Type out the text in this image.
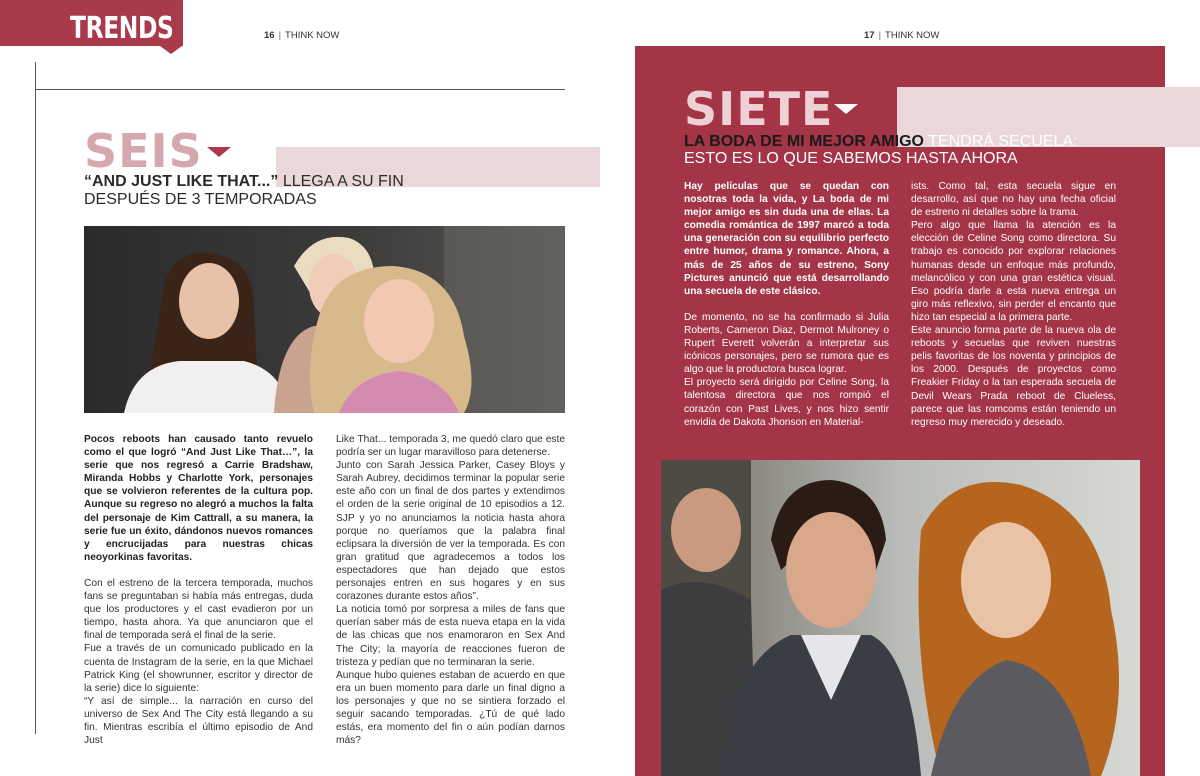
TRENDS	16 | THINK NOW
SEIS
“AND JUST LIKE THAT...” LLEGA A SU FIN DESPUÉS DE 3 TEMPORADAS

Pocos reboots han causado tanto revuelo como el que logró “And Just Like That…”, la serie que nos regresó a Carrie Bradshaw, Miranda Hobbs y Charlotte York, personajes que se volvieron referentes de la cultura pop. Aunque su regreso no alegró a muchos la falta del personaje de Kim Cattrall, a su manera, la serie fue un éxito, dándonos nuevos romances y encrucijadas para nuestras chicas neoyorkinas favoritas.

Con el estreno de la tercera temporada, muchos fans se preguntaban si había más entregas, duda que los productores y el cast evadieron por un tiempo, hasta ahora. Ya que anunciaron que el final de temporada será el final de la serie.

Fue a través de un comunicado publicado en la cuenta de Instagram de la serie, en la que Michael Patrick King (el showrunner, escritor y director de la serie) dice lo siguiente:

“Y así de simple... la narración en curso del universo de Sex And The City está llegando a su fin. Mientras escribía el último episodio de And Just

Like That... temporada 3, me quedó claro que este podría ser un lugar maravilloso para detenerse.

Junto con Sarah Jessica Parker, Casey Bloys y Sarah Aubrey, decidimos terminar la popular serie este año con un final de dos partes y extendimos el orden de la serie original de 10 episodios a 12. SJP y yo no anunciamos la noticia hasta ahora porque no queríamos que la palabra final eclipsara la diversión de ver la temporada. Es con gran gratitud que agradecemos a todos los espectadores que han dejado que estos personajes entren en sus hogares y en sus corazones durante estos años”.

La noticia tomó por sorpresa a miles de fans que querían saber más de esta nueva etapa en la vida de las chicas que nos enamoraron en Sex And The City; la mayoría de reacciones fueron de tristeza y pedían que no terminaran la serie.

Aunque hubo quienes estaban de acuerdo en que era un buen momento para darle un final digno a los personajes y que no se sintiera forzado el seguir sacando temporadas. ¿Tú de qué lado estás, era momento del fin o aún podían darnos más?

17 | THINK NOW
SIETE
LA BODA DE MI MEJOR AMIGO TENDRÁ SECUELA: ESTO ES LO QUE SABEMOS HASTA AHORA

Hay películas que se quedan con nosotras toda la vida, y La boda de mi mejor amigo es sin duda una de ellas. La comedia romántica de 1997 marcó a toda una generación con su equilibrio perfecto entre humor, drama y romance. Ahora, a más de 25 años de su estreno, Sony Pictures anunció que está desarrollando una secuela de este clásico.

De momento, no se ha confirmado si Julia Roberts, Cameron Diaz, Dermot Mulroney o Rupert Everett volverán a interpretar sus icónicos personajes, pero se rumora que es algo que la productora busca lograr.

El proyecto será dirigido por Celine Song, la talentosa directora que nos rompió el corazón con Past Lives, y nos hizo sentir envidia de Dakota Jhonson en Material-

ists. Como tal, esta secuela sigue en desarrollo, así que no hay una fecha oficial de estreno ni detalles sobre la trama.

Pero algo que llama la atención es la elección de Celine Song como directora. Su trabajo es conocido por explorar relaciones humanas desde un enfoque más profundo, melancólico y con una gran estética visual. Eso podría darle a esta nueva entrega un giro más reflexivo, sin perder el encanto que hizo tan especial a la primera parte.

Este anuncio forma parte de la nueva ola de reboots y secuelas que reviven nuestras pelis favoritas de los noventa y principios de los 2000. Después de proyectos como Freakier Friday o la tan esperada secuela de Devil Wears Prada reboot de Clueless, parece que las romcoms están teniendo un regreso muy merecido y deseado.
